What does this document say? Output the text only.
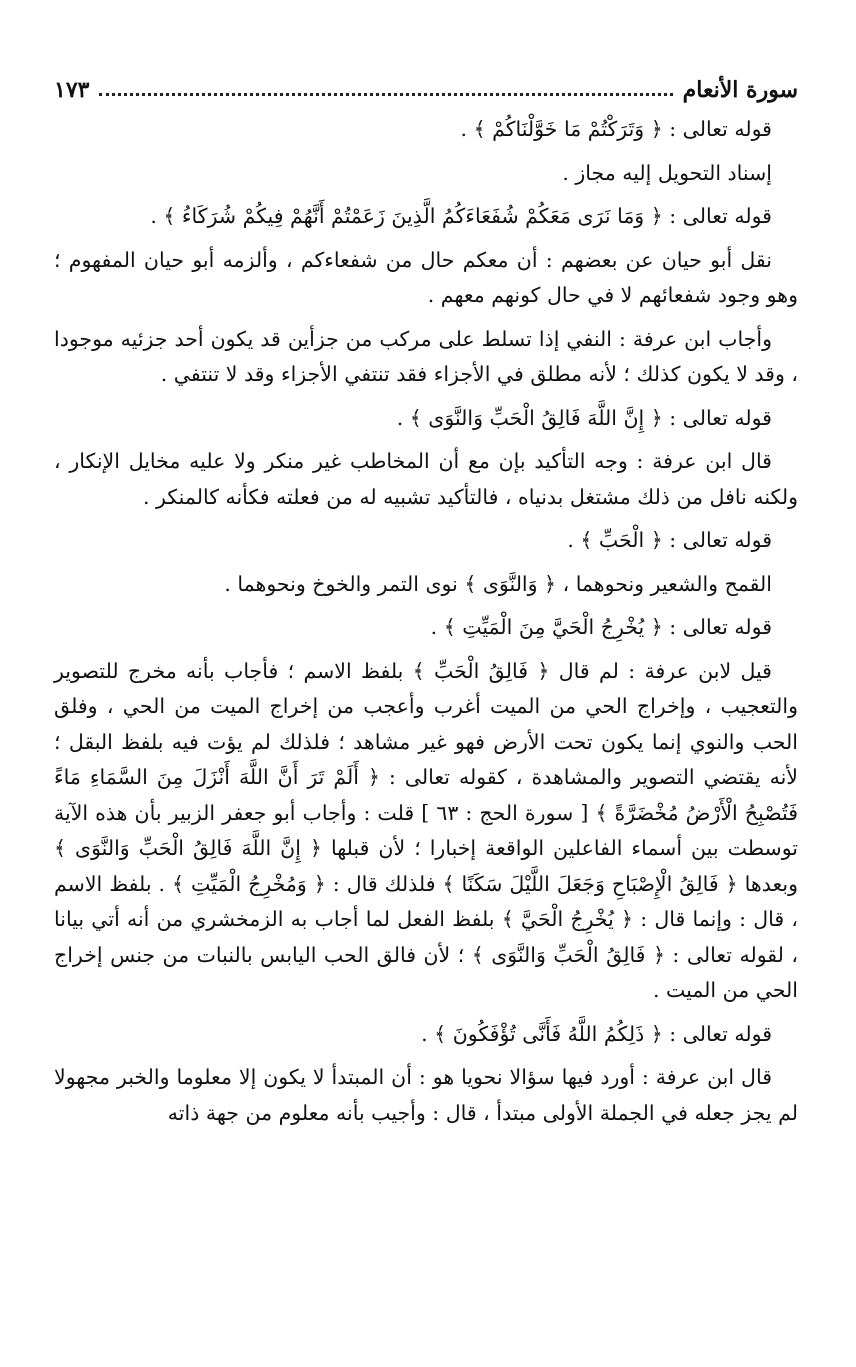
سورة الأنعام
١٧٣

قوله تعالى : ﴿ وَتَرَكْتُمْ مَا خَوَّلْنَاكُمْ ﴾ .

إسناد التحويل إليه مجاز .

قوله تعالى : ﴿ وَمَا نَرَى مَعَكُمْ شُفَعَاءَكُمُ الَّذِينَ زَعَمْتُمْ أَنَّهُمْ فِيكُمْ شُرَكَاءُ ﴾ .

نقل أبو حيان عن بعضهم : أن معكم حال من شفعاءكم ، وألزمه أبو حيان المفهوم ؛ وهو وجود شفعائهم لا في حال كونهم معهم .

وأجاب ابن عرفة : النفي إذا تسلط على مركب من جزأين قد يكون أحد جزئيه موجودا ، وقد لا يكون كذلك ؛ لأنه مطلق في الأجزاء فقد تنتفي الأجزاء وقد لا تنتفي .

قوله تعالى : ﴿ إِنَّ اللَّهَ فَالِقُ الْحَبِّ وَالنَّوَى ﴾ .

قال ابن عرفة : وجه التأكيد بإن مع أن المخاطب غير منكر ولا عليه مخايل الإنكار ، ولكنه نافل من ذلك مشتغل بدنياه ، فالتأكيد تشبيه له من فعلته فكأنه كالمنكر .

قوله تعالى : ﴿ الْحَبِّ ﴾ .

القمح والشعير ونحوهما ، ﴿ وَالنَّوَى ﴾ نوى التمر والخوخ ونحوهما .

قوله تعالى : ﴿ يُخْرِجُ الْحَيَّ مِنَ الْمَيِّتِ ﴾ .

قيل لابن عرفة : لم قال ﴿ فَالِقُ الْحَبِّ ﴾ بلفظ الاسم ؛ فأجاب بأنه مخرج للتصوير والتعجيب ، وإخراج الحي من الميت أغرب وأعجب من إخراج الميت من الحي ، وفلق الحب والنوي إنما يكون تحت الأرض فهو غير مشاهد ؛ فلذلك لم يؤت فيه بلفظ البقل ؛ لأنه يقتضي التصوير والمشاهدة ، كقوله تعالى : ﴿ أَلَمْ تَرَ أَنَّ اللَّهَ أَنْزَلَ مِنَ السَّمَاءِ مَاءً فَتُصْبِحُ الْأَرْضُ مُخْضَرَّةً ﴾ [ سورة الحج : ٦٣ ] قلت : وأجاب أبو جعفر الزبير بأن هذه الآية توسطت بين أسماء الفاعلين الواقعة إخبارا ؛ لأن قبلها ﴿ إِنَّ اللَّهَ فَالِقُ الْحَبِّ وَالنَّوَى ﴾ وبعدها ﴿ فَالِقُ الْإِصْبَاحِ وَجَعَلَ اللَّيْلَ سَكَنًا ﴾ فلذلك قال : ﴿ وَمُخْرِجُ الْمَيِّتِ ﴾ . بلفظ الاسم ، قال : وإنما قال : ﴿ يُخْرِجُ الْحَيَّ ﴾ بلفظ الفعل لما أجاب به الزمخشري من أنه أتي بيانا ، لقوله تعالى : ﴿ فَالِقُ الْحَبِّ وَالنَّوَى ﴾ ؛ لأن فالق الحب اليابس بالنبات من جنس إخراج الحي من الميت .

قوله تعالى : ﴿ ذَلِكُمُ اللَّهُ فَأَنَّى تُؤْفَكُونَ ﴾ .

قال ابن عرفة : أورد فيها سؤالا نحويا هو : أن المبتدأ لا يكون إلا معلوما والخبر مجهولا لم يجز جعله في الجملة الأولى مبتدأ ، قال : وأجيب بأنه معلوم من جهة ذاته
